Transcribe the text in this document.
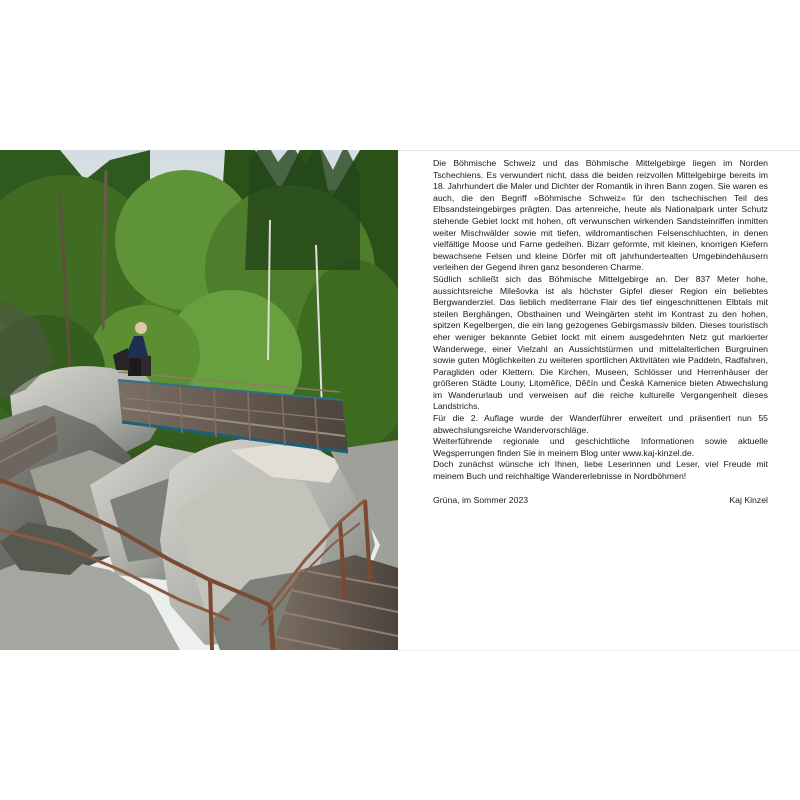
Die Böhmische Schweiz und das Böhmische Mittelgebirge liegen im Norden Tschechiens. Es verwundert nicht, dass die beiden reizvollen Mittelgebirge bereits im 18. Jahrhundert die Maler und Dichter der Romantik in ihren Bann zogen. Sie waren es auch, die den Begriff »Böhmische Schweiz« für den tschechischen Teil des Elbsandsteingebirges prägten. Das artenreiche, heute als Nationalpark unter Schutz stehende Gebiet lockt mit hohen, oft verwunschen wirkenden Sandsteinriffen inmitten weiter Mischwälder sowie mit tiefen, wildromantischen Felsenschluchten, in denen vielfältige Moose und Farne gedeihen. Bizarr geformte, mit kleinen, knorrigen Kiefern bewachsene Felsen und kleine Dörfer mit oft jahrhundertealten Umgebindehäusern verleihen der Gegend ihren ganz besonderen Charme.

Südlich schließt sich das Böhmische Mittelgebirge an. Der 837 Meter hohe, aussichtsreiche Milešovka ist als höchster Gipfel dieser Region ein beliebtes Bergwanderziel. Das lieblich mediterrane Flair des tief eingeschnittenen Elbtals mit steilen Berghängen, Obsthainen und Weingärten steht im Kontrast zu den hohen, spitzen Kegelbergen, die ein lang gezogenes Gebirgsmassiv bilden. Dieses touristisch eher weniger bekannte Gebiet lockt mit einem ausgedehnten Netz gut markierter Wanderwege, einer Vielzahl an Aussichtstürmen und mittelalterlichen Burgruinen sowie guten Möglichkeiten zu weiteren sportlichen Aktivitäten wie Paddeln, Radfahren, Paragliden oder Klettern. Die Kirchen, Museen, Schlösser und Herrenhäuser der größeren Städte Louny, Litoměřice, Děčín und Česká Kamenice bieten Abwechslung im Wanderurlaub und verweisen auf die reiche kulturelle Vergangenheit dieses Landstrichs.

Für die 2. Auflage wurde der Wanderführer erweitert und präsentiert nun 55 abwechslungsreiche Wandervorschläge.

Weiterführende regionale und geschichtliche Informationen sowie aktuelle Wegsperrungen finden Sie in meinem Blog unter www.kaj-kinzel.de.

Doch zunächst wünsche ich Ihnen, liebe Leserinnen und Leser, viel Freude mit meinem Buch und reichhaltige Wandererlebnisse in Nordböhmen!

Grüna, im Sommer 2023	Kaj Kinzel
